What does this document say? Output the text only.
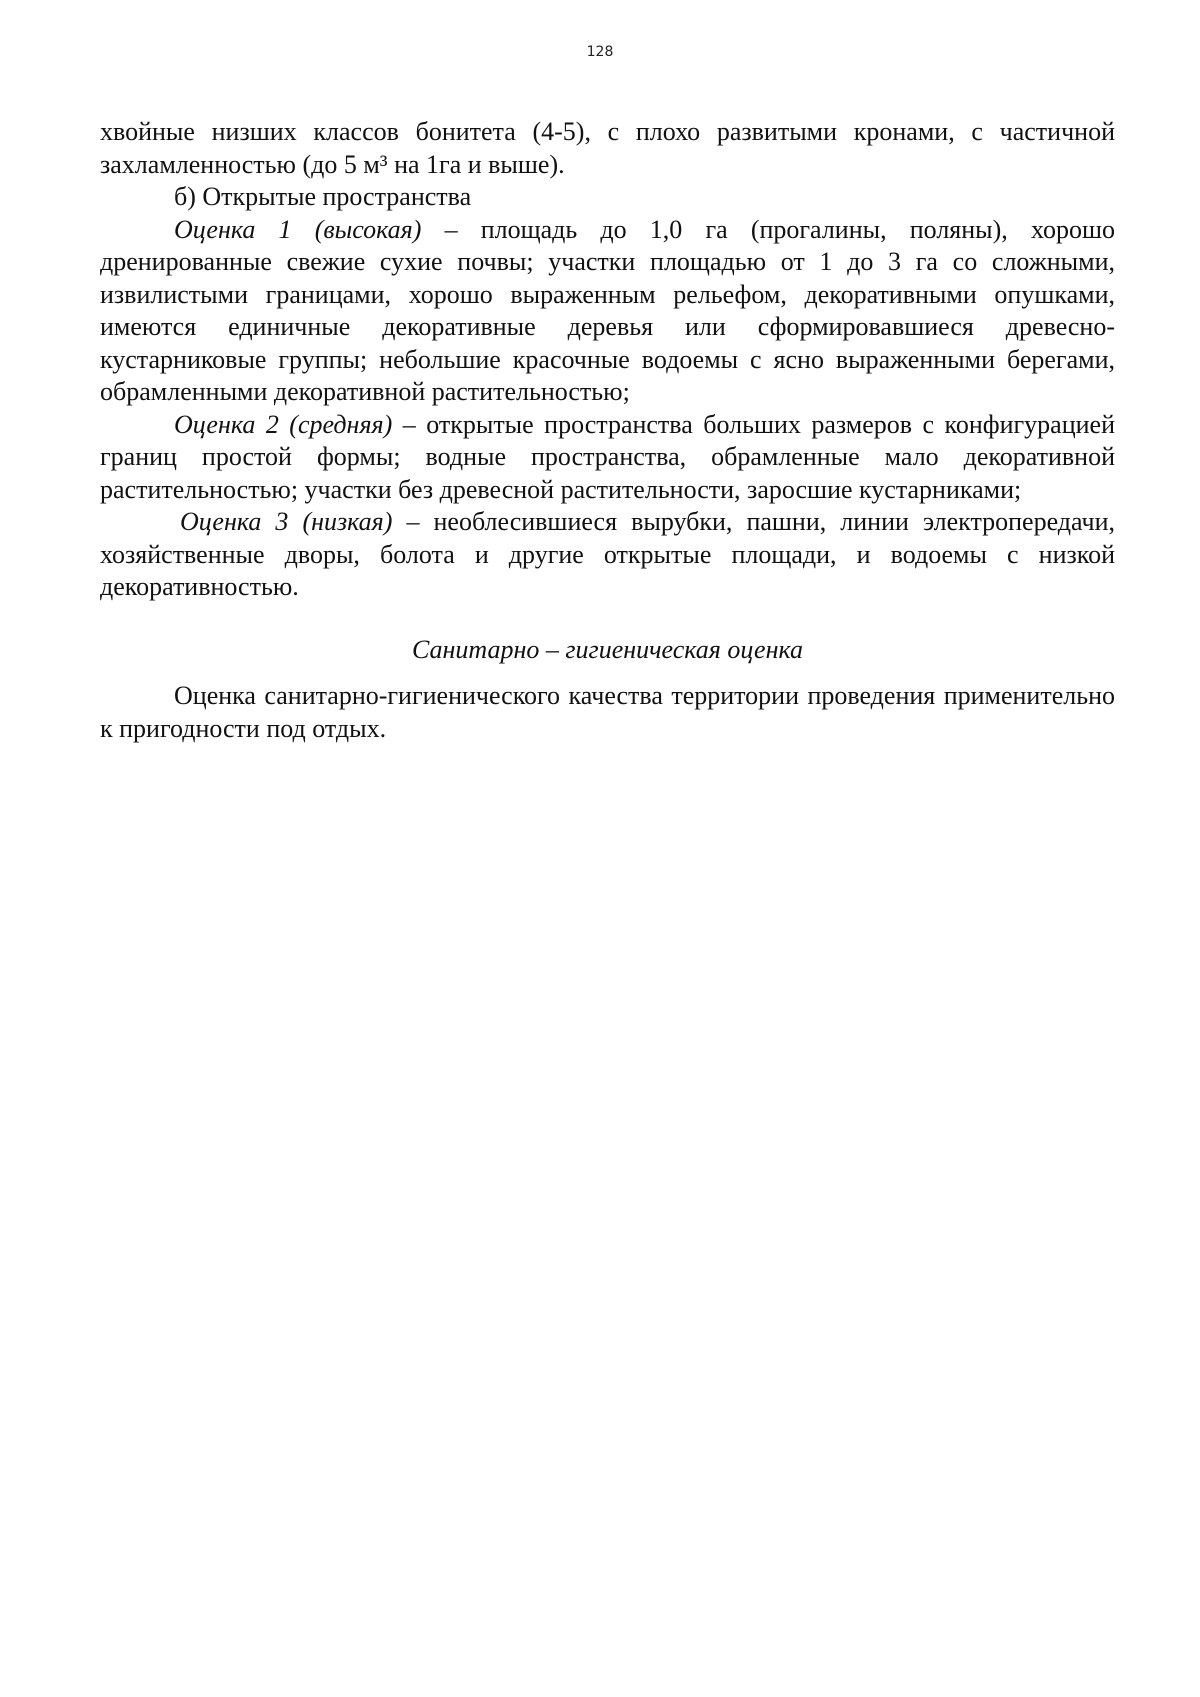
128

хвойные низших классов бонитета (4-5), с плохо развитыми кронами, с частичной захламленностью (до 5 м³ на 1га и выше).

б) Открытые пространства

Оценка 1 (высокая) – площадь до 1,0 га (прогалины, поляны), хорошо дренированные свежие сухие почвы; участки площадью от 1 до 3 га со сложными, извилистыми границами, хорошо выраженным рельефом, декоративными опушками, имеются единичные декоративные деревья или сформировавшиеся древесно-кустарниковые группы; небольшие красочные водоемы с ясно выраженными берегами, обрамленными декоративной растительностью;

Оценка 2 (средняя) – открытые пространства больших размеров с конфигурацией границ простой формы; водные пространства, обрамленные мало декоративной растительностью; участки без древесной растительности, заросшие кустарниками;

Оценка 3 (низкая) – необлесившиеся вырубки, пашни, линии электропередачи, хозяйственные дворы, болота и другие открытые площади, и водоемы с низкой декоративностью.

Санитарно – гигиеническая оценка

Оценка санитарно-гигиенического качества территории проведения применительно к пригодности под отдых.
